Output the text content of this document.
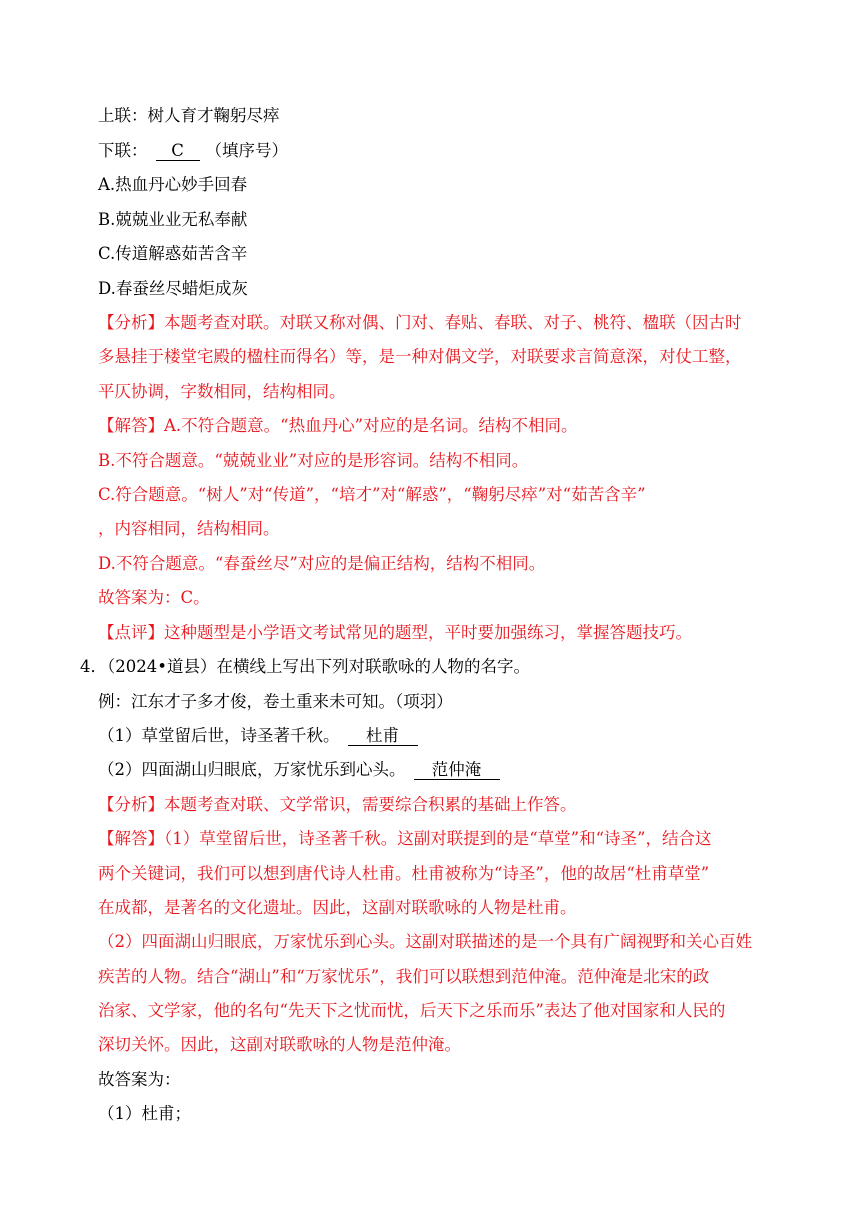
上联：树人育才鞠躬尽瘁
下联： C （填序号）
A.热血丹心妙手回春
B.兢兢业业无私奉献
C.传道解惑茹苦含辛
D.春蚕丝尽蜡炬成灰
【分析】本题考查对联。对联又称对偶、门对、春贴、春联、对子、桃符、楹联（因古时
多悬挂于楼堂宅殿的楹柱而得名）等，是一种对偶文学，对联要求言简意深，对仗工整，
平仄协调，字数相同，结构相同。
【解答】A.不符合题意。“热血丹心”对应的是名词。结构不相同。
B.不符合题意。“兢兢业业”对应的是形容词。结构不相同。
C.符合题意。“树人”对“传道”，“培才”对“解惑”，“鞠躬尽瘁”对“茹苦含辛”
，内容相同，结构相同。
D.不符合题意。“春蚕丝尽”对应的是偏正结构，结构不相同。
故答案为：C。
【点评】这种题型是小学语文考试常见的题型，平时要加强练习，掌握答题技巧。
4．（2024•道县）在横线上写出下列对联歌咏的人物的名字。
例：江东才子多才俊，卷土重来未可知。（项羽）
（1）草堂留后世，诗圣著千秋。 杜甫
（2）四面湖山归眼底，万家忧乐到心头。 范仲淹
【分析】本题考查对联、文学常识，需要综合积累的基础上作答。
【解答】（1）草堂留后世，诗圣著千秋。这副对联提到的是“草堂”和“诗圣”，结合这
两个关键词，我们可以想到唐代诗人杜甫。杜甫被称为“诗圣”，他的故居“杜甫草堂”
在成都，是著名的文化遗址。因此，这副对联歌咏的人物是杜甫。
（2）四面湖山归眼底，万家忧乐到心头。这副对联描述的是一个具有广阔视野和关心百姓
疾苦的人物。结合“湖山”和“万家忧乐”，我们可以联想到范仲淹。范仲淹是北宋的政
治家、文学家，他的名句“先天下之忧而忧，后天下之乐而乐”表达了他对国家和人民的
深切关怀。因此，这副对联歌咏的人物是范仲淹。
故答案为：
（1）杜甫；
